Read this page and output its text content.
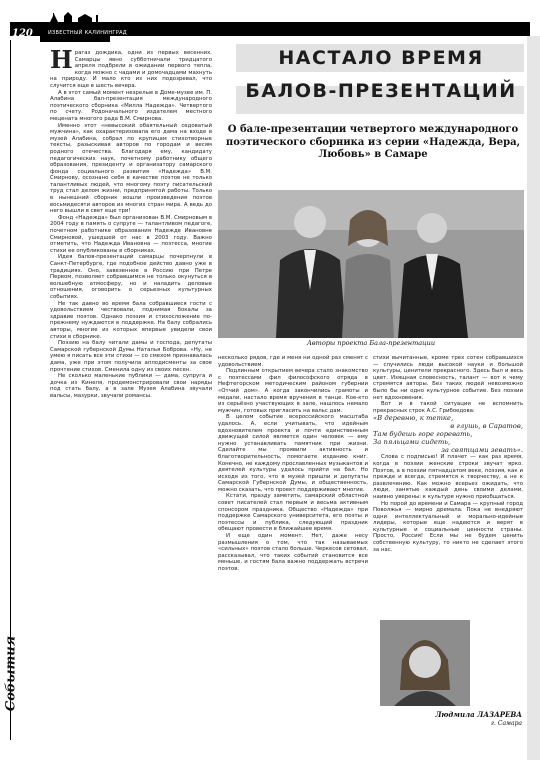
120	ИЗВЕСТНЫЙ КАЛИНИНГРАД
События
Н рагаз дождика, одни из первых весенних. Самарцы явно субботничали тридцатого апреля подбрели в ожидании первого тепла, когда можно с чадами и домочадцами махнуть на природу. И мало кто из них подозревал, что случится еще в шесть вечера.

А в этот самый момент незрелые в Доме-музее им. П. Алабина бал-презентация международного поэтического сборника «Милла Надежда». Четвертого по счету. Родоначального издателем местного мецената многого рада В.М. Смирнова.

Именно этот «невысокий обаятельный седоватый мужчина», как охарактеризовала его дама на входе в музей Алабина, собрал по крупицам стихотворные тексты, разыскивая авторов по городам и весям родного отечества. Благодаря ему, кандидату педагогических наук, почетному работнику общего образования, президенту и организатору самарского фонда социального развития «Надежда» В.М. Смирнову, осознано себя в качестве поэтов не только талантливых людей, что многому поэту писательский труд стал делом жизни, предпринятой работы. Только в нынешний сборник вошли произведения поэтов восьмидесяти авторов из многих стран мира. А ведь до него вышли в свет еще три!

Фонд «Надежда» был организован В.М. Смирновым в 2004 году в память о супруге — талантливом педагоге, почетном работнике образования Надежде Ивановне Смирновой, ушедшей от нас в 2003 году. Важно отметить, что Надежда Ивановна — поэтесса, многие стихи ее опубликованы в сборниках.

Идея балов-презентаций самарцы почерпнули в Санкт-Петербурге, где подобное действо давно уже в традициях. Оно, завезенное в Россию при Петре Первом, позволяет собравшимся не только окунуться в волшебную атмосферу, но и наладить деловые отношения, оговорить о серьезных культурных событиях.

Не так давно во время бала собравшиеся гости с удовольствием чествовали, поднимая бокалы за здравие поэтов. Однако поэзия и стихосложение по-прежнему нуждаются в поддержке. На балу собрались авторы, многие из которых впервые увидели свои стихи в сборнике.

Поэзию на балу читали дамы и господа, депутаты Самарской губернской Думы Наталья Боброва. «Ну, не умею я писать все эти стихи — со смехом признавалась дама, уже при этом получила аплодисменты за свое прочтение стихов. Сменила одну из своих песен.

Не сколько маленькие публики — дама, супруга и дочка из Кинеля, продемонстрировали свои наряды под стать балу, а в зале Музея Алабина звучали вальсы, мазурки, звучали романсы.

НАСТАЛО ВРЕМЯ
БАЛОВ-ПРЕЗЕНТАЦИЙ
О бале-презентации четвертого международного поэтического сборника из серии «Надежда, Вера, Любовь» в Самаре
Авторы проекта Бала-презентации

несколько рядов, где и меня ни одной раз сменят с удовольствием.

Подлинным открытием вечера стало знакомство с поэтессами фил философского отряда в Нефтегорском методическим районом губернии «Отчий дом». А когда закончились грамоты и медали, настало время вручения в танце. Кое-кто из серьёзно участвующих в зале, нашлось немало мужчин, готовых пригласить на вальс дам.

В целом событие всероссийского масштаба удалось. А, если учитывать, что идейным вдохновителем проекта и почти единственным движущей силой является один человек — ему нужно устанавливать памятник при жизни. Сделайте мы проявили активность и благотворительность, помогаете изданию книг. Конечно, не каждому прославленных музыкантов и деятелей культуры удалось прийти на бал. Но исходя из того, что в музей пришли и депутаты Самарской Губернской Думы, и общественность, можно сказать, что проект поддерживают многие.

Кстати, празду заметить, самарский областной совет писателей стал первым и весьма активным спонсором праздника. Общество «Надежда» при поддержке Самарского университета, его поэты и поэтессы и публика, следующий праздник обещают провести в ближайшее время.

И еще один момент. Нет, даже несу размышления о том, что так называемых «сильных» поэтов стало больше. Черкесов сетовал, рассказывал, что таких событий становится все меньше, и гостям бала важно поддержать встречи поэтов.

стихи вычитанные, кроме трех сотен собравшихся — случились люди высокой науки и большой культуры, ценители прекрасного. Здесь был и весь цвет. Изящная словесность, талант — вот к чему стремятся авторы. Без таких людей невозможно было бы ни одно культурное событие. Без поэзии нет вдохновения.

Вот и в такой ситуации не вспомнить прекрасных строк А.С. Грибоедова:

«В деревню, к тетке,
в глушь, в Саратов,
Там будешь горе горевать,
За пяльцами сидеть,
за святцами зевать».

Слова с подписью! И плачет — как раз время, когда в поэзии женские строки звучат ярко. Поэтов, а в поэзии пятнадцатом веке, поэзия, как и прежде и всегда, стремятся к творчеству, а не к развлечению. Как можно всерьез ожидать, что люди, занятые каждый день своими делами, наивно уверены: к культуре нужно приобщаться.

Но порой до времени и Самара — крупный город Поволжья — мирно дремала. Пока не внедряют одни интеллектуальный и морально-идейные лидеры, которые еще надеются и верят в культурные и социальные ценности страны. Просто, Россия! Если мы не будем ценить собственную культуру, то никто не сделает этого за нас.

Людмила ЛАЗАРЕВА
г. Самара
